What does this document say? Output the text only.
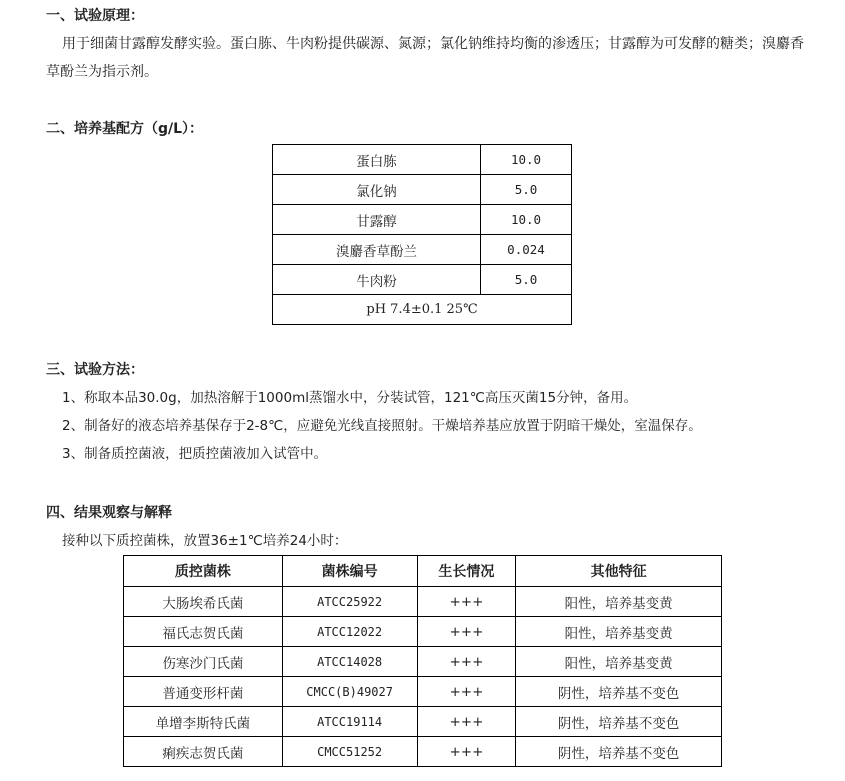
一、试验原理：
用于细菌甘露醇发酵实验。蛋白胨、牛肉粉提供碳源、氮源；氯化钠维持均衡的渗透压；甘露醇为可发酵的糖类；溴麝香草酚兰为指示剂。
二、培养基配方（g/L）：
蛋白胨	10.0
氯化钠	5.0
甘露醇	10.0
溴麝香草酚兰	0.024
牛肉粉	5.0
pH 7.4±0.1 25℃	
三、试验方法：
1、称取本品30.0g，加热溶解于1000ml蒸馏水中，分装试管，121℃高压灭菌15分钟，备用。
2、制备好的液态培养基保存于2-8℃，应避免光线直接照射。干燥培养基应放置于阴暗干燥处，室温保存。
3、制备质控菌液，把质控菌液加入试管中。
四、结果观察与解释
接种以下质控菌株，放置36±1℃培养24小时：
质控菌株	菌株编号	生长情况	其他特征
大肠埃希氏菌	ATCC25922	+++	阳性，培养基变黄
福氏志贺氏菌	ATCC12022	+++	阳性，培养基变黄
伤寒沙门氏菌	ATCC14028	+++	阳性，培养基变黄
普通变形杆菌	CMCC(B)49027	+++	阴性，培养基不变色
单增李斯特氏菌	ATCC19114	+++	阴性，培养基不变色
痢疾志贺氏菌	CMCC51252	+++	阴性，培养基不变色
